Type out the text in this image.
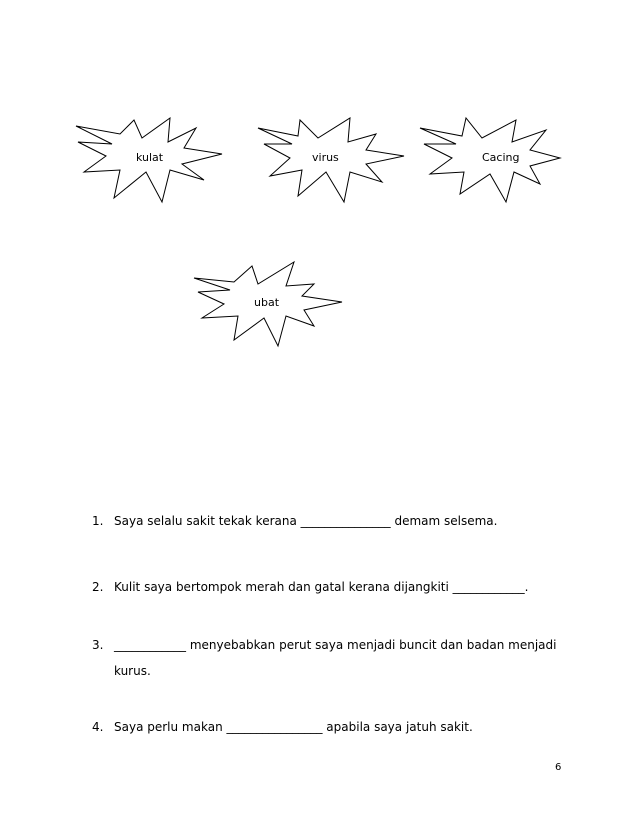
kulat	virus	Cacing
ubat
1. Saya selalu sakit tekak kerana _______________ demam selsema.
2. Kulit saya bertompok merah dan gatal kerana dijangkiti ____________.
3. ____________ menyebabkan perut saya menjadi buncit dan badan menjadi kurus.
4. Saya perlu makan ________________ apabila saya jatuh sakit.
6
